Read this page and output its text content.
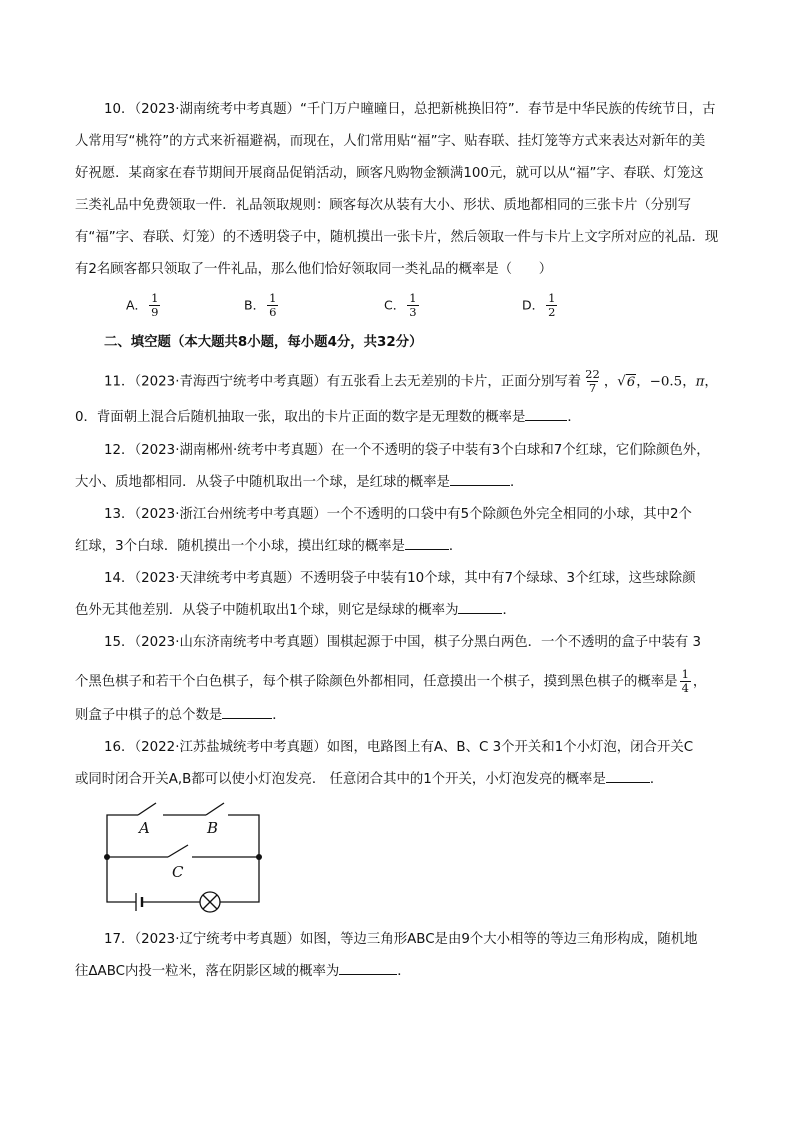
10．（2023·湖南统考中考真题）“千门万户曈曈日，总把新桃换旧符”．春节是中华民族的传统节日，古
人常用写“桃符”的方式来祈福避祸，而现在，人们常用贴“福”字、贴春联、挂灯笼等方式来表达对新年的美
好祝愿．某商家在春节期间开展商品促销活动，顾客凡购物金额满100元，就可以从“福”字、春联、灯笼这
三类礼品中免费领取一件．礼品领取规则：顾客每次从装有大小、形状、质地都相同的三张卡片（分别写
有“福”字、春联、灯笼）的不透明袋子中，随机摸出一张卡片，然后领取一件与卡片上文字所对应的礼品．现
有2名顾客都只领取了一件礼品，那么他们恰好领取同一类礼品的概率是（　　）
A． $\frac{1}{9}$	B． $\frac{1}{6}$	C． $\frac{1}{3}$	D． $\frac{1}{2}$
二、填空题（本大题共8小题，每小题4分，共32分）
11．（2023·青海西宁统考中考真题）有五张看上去无差别的卡片，正面分别写着 $\frac{22}{7}$ ，√6，−0.5，π，
0．背面朝上混合后随机抽取一张，取出的卡片正面的数字是无理数的概率是	．
12．（2023·湖南郴州·统考中考真题）在一个不透明的袋子中装有3个白球和7个红球，它们除颜色外，
大小、质地都相同．从袋子中随机取出一个球，是红球的概率是	．
13．（2023·浙江台州统考中考真题）一个不透明的口袋中有5个除颜色外完全相同的小球，其中2个
红球，3个白球．随机摸出一个小球，摸出红球的概率是	．
14．（2023·天津统考中考真题）不透明袋子中装有10个球，其中有7个绿球、3个红球，这些球除颜
色外无其他差别．从袋子中随机取出1个球，则它是绿球的概率为	．
15．（2023·山东济南统考中考真题）围棋起源于中国，棋子分黑白两色．一个不透明的盒子中装有 3
个黑色棋子和若干个白色棋子，每个棋子除颜色外都相同，任意摸出一个棋子，摸到黑色棋子的概率是 $\frac{1}{4}$ ，
则盒子中棋子的总个数是	．
16．（2022·江苏盐城统考中考真题）如图，电路图上有A、B、C 3个开关和1个小灯泡，闭合开关C
或同时闭合开关A,B都可以使小灯泡发亮． 任意闭合其中的1个开关，小灯泡发亮的概率是	．
A	B
C
17．（2023·辽宁统考中考真题）如图，等边三角形ABC是由9个大小相等的等边三角形构成，随机地
往ΔABC内投一粒米，落在阴影区域的概率为	．
